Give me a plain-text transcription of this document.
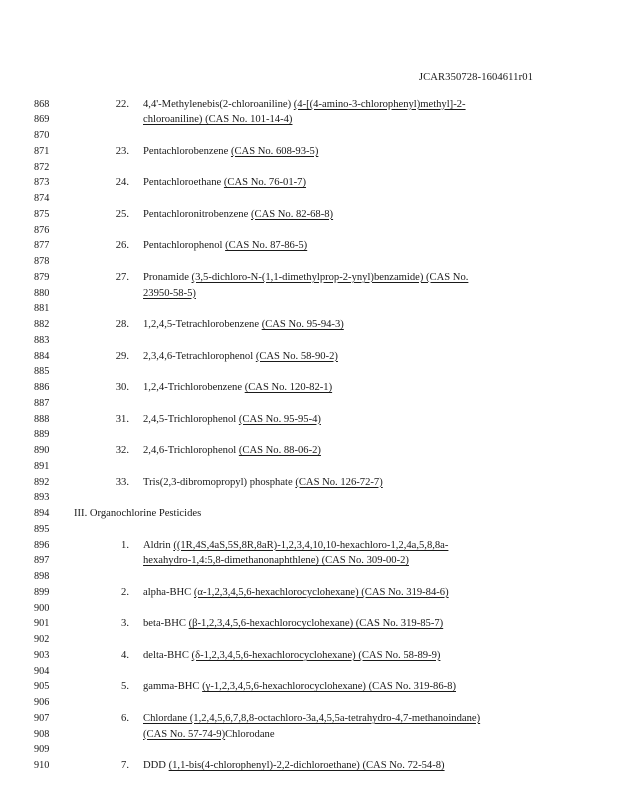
JCAR350728-1604611r01
868	22. 4,4'-Methylenebis(2-chloroaniline) (4-[(4-amino-3-chlorophenyl)methyl]-2-
869	chloroaniline) (CAS No. 101-14-4)
870
871	23. Pentachlorobenzene (CAS No. 608-93-5)
872
873	24. Pentachloroethane (CAS No. 76-01-7)
874
875	25. Pentachloronitrobenzene (CAS No. 82-68-8)
876
877	26. Pentachlorophenol (CAS No. 87-86-5)
878
879	27. Pronamide (3,5-dichloro-N-(1,1-dimethylprop-2-ynyl)benzamide) (CAS No.
880	23950-58-5)
881
882	28. 1,2,4,5-Tetrachlorobenzene (CAS No. 95-94-3)
883
884	29. 2,3,4,6-Tetrachlorophenol (CAS No. 58-90-2)
885
886	30. 1,2,4-Trichlorobenzene (CAS No. 120-82-1)
887
888	31. 2,4,5-Trichlorophenol (CAS No. 95-95-4)
889
890	32. 2,4,6-Trichlorophenol (CAS No. 88-06-2)
891
892	33. Tris(2,3-dibromopropyl) phosphate (CAS No. 126-72-7)
893
894	III. Organochlorine Pesticides
895
896	1. Aldrin ((1R,4S,4aS,5S,8R,8aR)-1,2,3,4,10,10-hexachloro-1,2,4a,5,8,8a-
897	hexahydro-1,4:5,8-dimethanonaphthlene) (CAS No. 309-00-2)
898
899	2. alpha-BHC (α-1,2,3,4,5,6-hexachlorocyclohexane) (CAS No. 319-84-6)
900
901	3. beta-BHC (β-1,2,3,4,5,6-hexachlorocyclohexane) (CAS No. 319-85-7)
902
903	4. delta-BHC (δ-1,2,3,4,5,6-hexachlorocyclohexane) (CAS No. 58-89-9)
904
905	5. gamma-BHC (γ-1,2,3,4,5,6-hexachlorocyclohexane) (CAS No. 319-86-8)
906
907	6. Chlordane (1,2,4,5,6,7,8,8-octachloro-3a,4,5,5a-tetrahydro-4,7-methanoindane)
908	(CAS No. 57-74-9)Chlorodane
909
910	7. DDD (1,1-bis(4-chlorophenyl)-2,2-dichloroethane) (CAS No. 72-54-8)
